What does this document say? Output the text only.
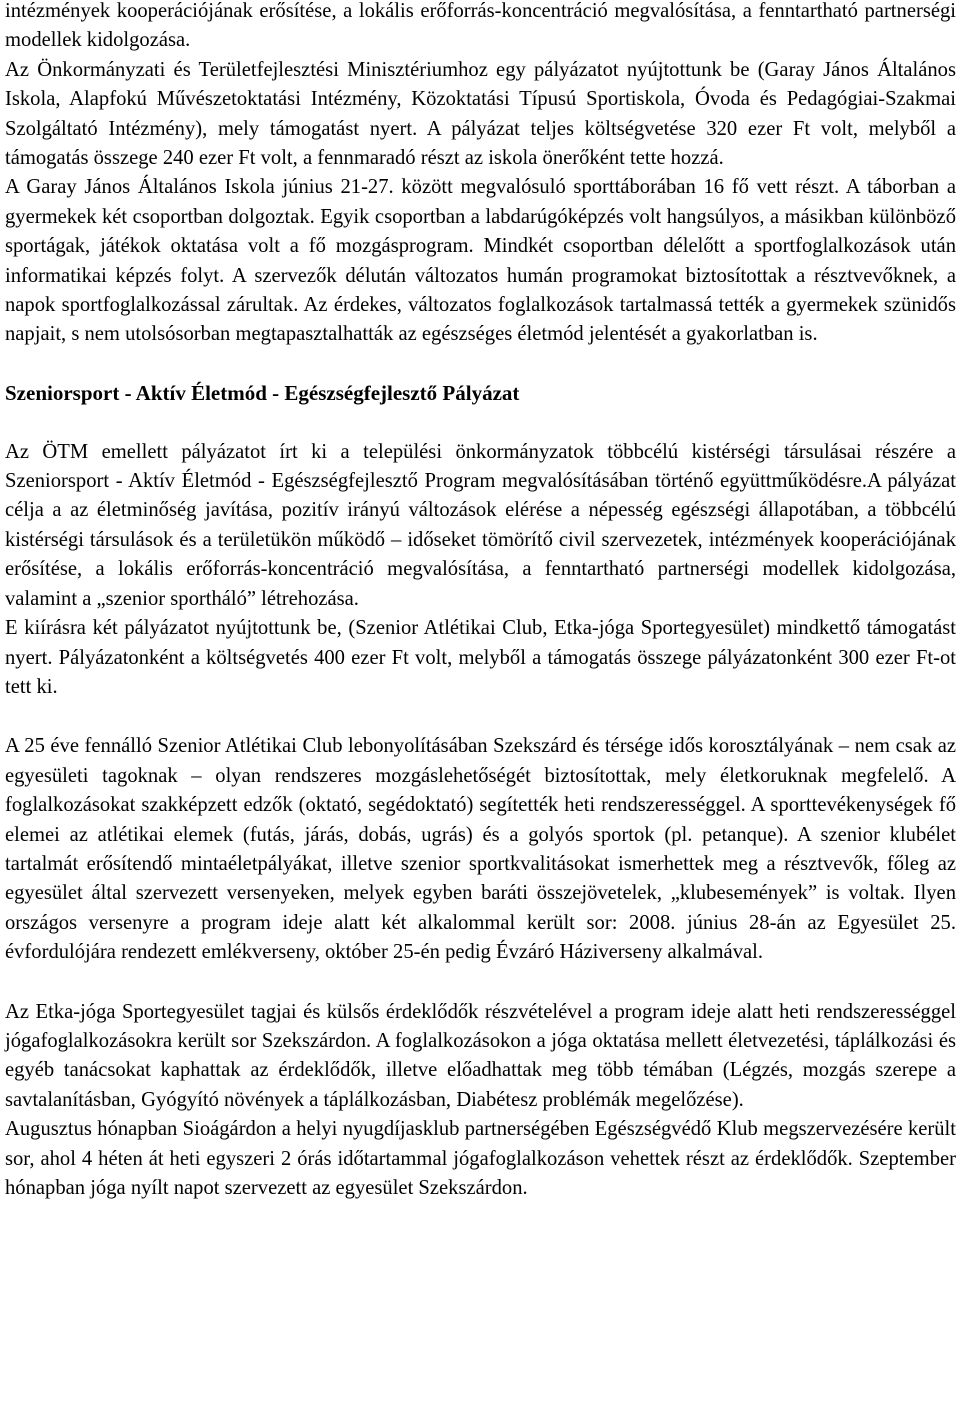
intézmények kooperációjának erősítése, a lokális erőforrás-koncentráció megvalósítása, a fenntartható partnerségi modellek kidolgozása.

Az Önkormányzati és Területfejlesztési Minisztériumhoz egy pályázatot nyújtottunk be (Garay János Általános Iskola, Alapfokú Művészetoktatási Intézmény, Közoktatási Típusú Sportiskola, Óvoda és Pedagógiai-Szakmai Szolgáltató Intézmény), mely támogatást nyert. A pályázat teljes költségvetése 320 ezer Ft volt, melyből a támogatás összege 240 ezer Ft volt, a fennmaradó részt az iskola önerőként tette hozzá.

A Garay János Általános Iskola június 21-27. között megvalósuló sporttáborában 16 fő vett részt. A táborban a gyermekek két csoportban dolgoztak. Egyik csoportban a labdarúgóképzés volt hangsúlyos, a másikban különböző sportágak, játékok oktatása volt a fő mozgásprogram. Mindkét csoportban délelőtt a sportfoglalkozások után informatikai képzés folyt. A szervezők délután változatos humán programokat biztosítottak a résztvevőknek, a napok sportfoglalkozással zárultak. Az érdekes, változatos foglalkozások tartalmassá tették a gyermekek szünidős napjait, s nem utolsósorban megtapasztalhatták az egészséges életmód jelentését a gyakorlatban is.

Szeniorsport - Aktív Életmód - Egészségfejlesztő Pályázat

Az ÖTM emellett pályázatot írt ki a települési önkormányzatok többcélú kistérségi társulásai részére a Szeniorsport - Aktív Életmód - Egészségfejlesztő Program megvalósításában történő együttműködésre.A pályázat célja a az életminőség javítása, pozitív irányú változások elérése a népesség egészségi állapotában, a többcélú kistérségi társulások és a területükön működő – időseket tömörítő civil szervezetek, intézmények kooperációjának erősítése, a lokális erőforrás-koncentráció megvalósítása, a fenntartható partnerségi modellek kidolgozása, valamint a „szenior sportháló” létrehozása.

E kiírásra két pályázatot nyújtottunk be, (Szenior Atlétikai Club, Etka-jóga Sportegyesület) mindkettő támogatást nyert. Pályázatonként a költségvetés 400 ezer Ft volt, melyből a támogatás összege pályázatonként 300 ezer Ft-ot tett ki.

A 25 éve fennálló Szenior Atlétikai Club lebonyolításában Szekszárd és térsége idős korosztályának – nem csak az egyesületi tagoknak – olyan rendszeres mozgáslehetőségét biztosítottak, mely életkoruknak megfelelő. A foglalkozásokat szakképzett edzők (oktató, segédoktató) segítették heti rendszerességgel. A sporttevékenységek fő elemei az atlétikai elemek (futás, járás, dobás, ugrás) és a golyós sportok (pl. petanque). A szenior klubélet tartalmát erősítendő mintaéletpályákat, illetve szenior sportkvalitásokat ismerhettek meg a résztvevők, főleg az egyesület által szervezett versenyeken, melyek egyben baráti összejövetelek, „klubesemények” is voltak. Ilyen országos versenyre a program ideje alatt két alkalommal került sor: 2008. június 28-án az Egyesület 25. évfordulójára rendezett emlékverseny, október 25-én pedig Évzáró Háziverseny alkalmával.

Az Etka-jóga Sportegyesület tagjai és külsős érdeklődők részvételével a program ideje alatt heti rendszerességgel jógafoglalkozásokra került sor Szekszárdon. A foglalkozásokon a jóga oktatása mellett életvezetési, táplálkozási és egyéb tanácsokat kaphattak az érdeklődők, illetve előadhattak meg több témában (Légzés, mozgás szerepe a savtalanításban, Gyógyító növények a táplálkozásban, Diabétesz problémák megelőzése).

Augusztus hónapban Sioágárdon a helyi nyugdíjasklub partnerségében Egészségvédő Klub megszervezésére került sor, ahol 4 héten át heti egyszeri 2 órás időtartammal jógafoglalkozáson vehettek részt az érdeklődők. Szeptember hónapban jóga nyílt napot szervezett az egyesület Szekszárdon.
